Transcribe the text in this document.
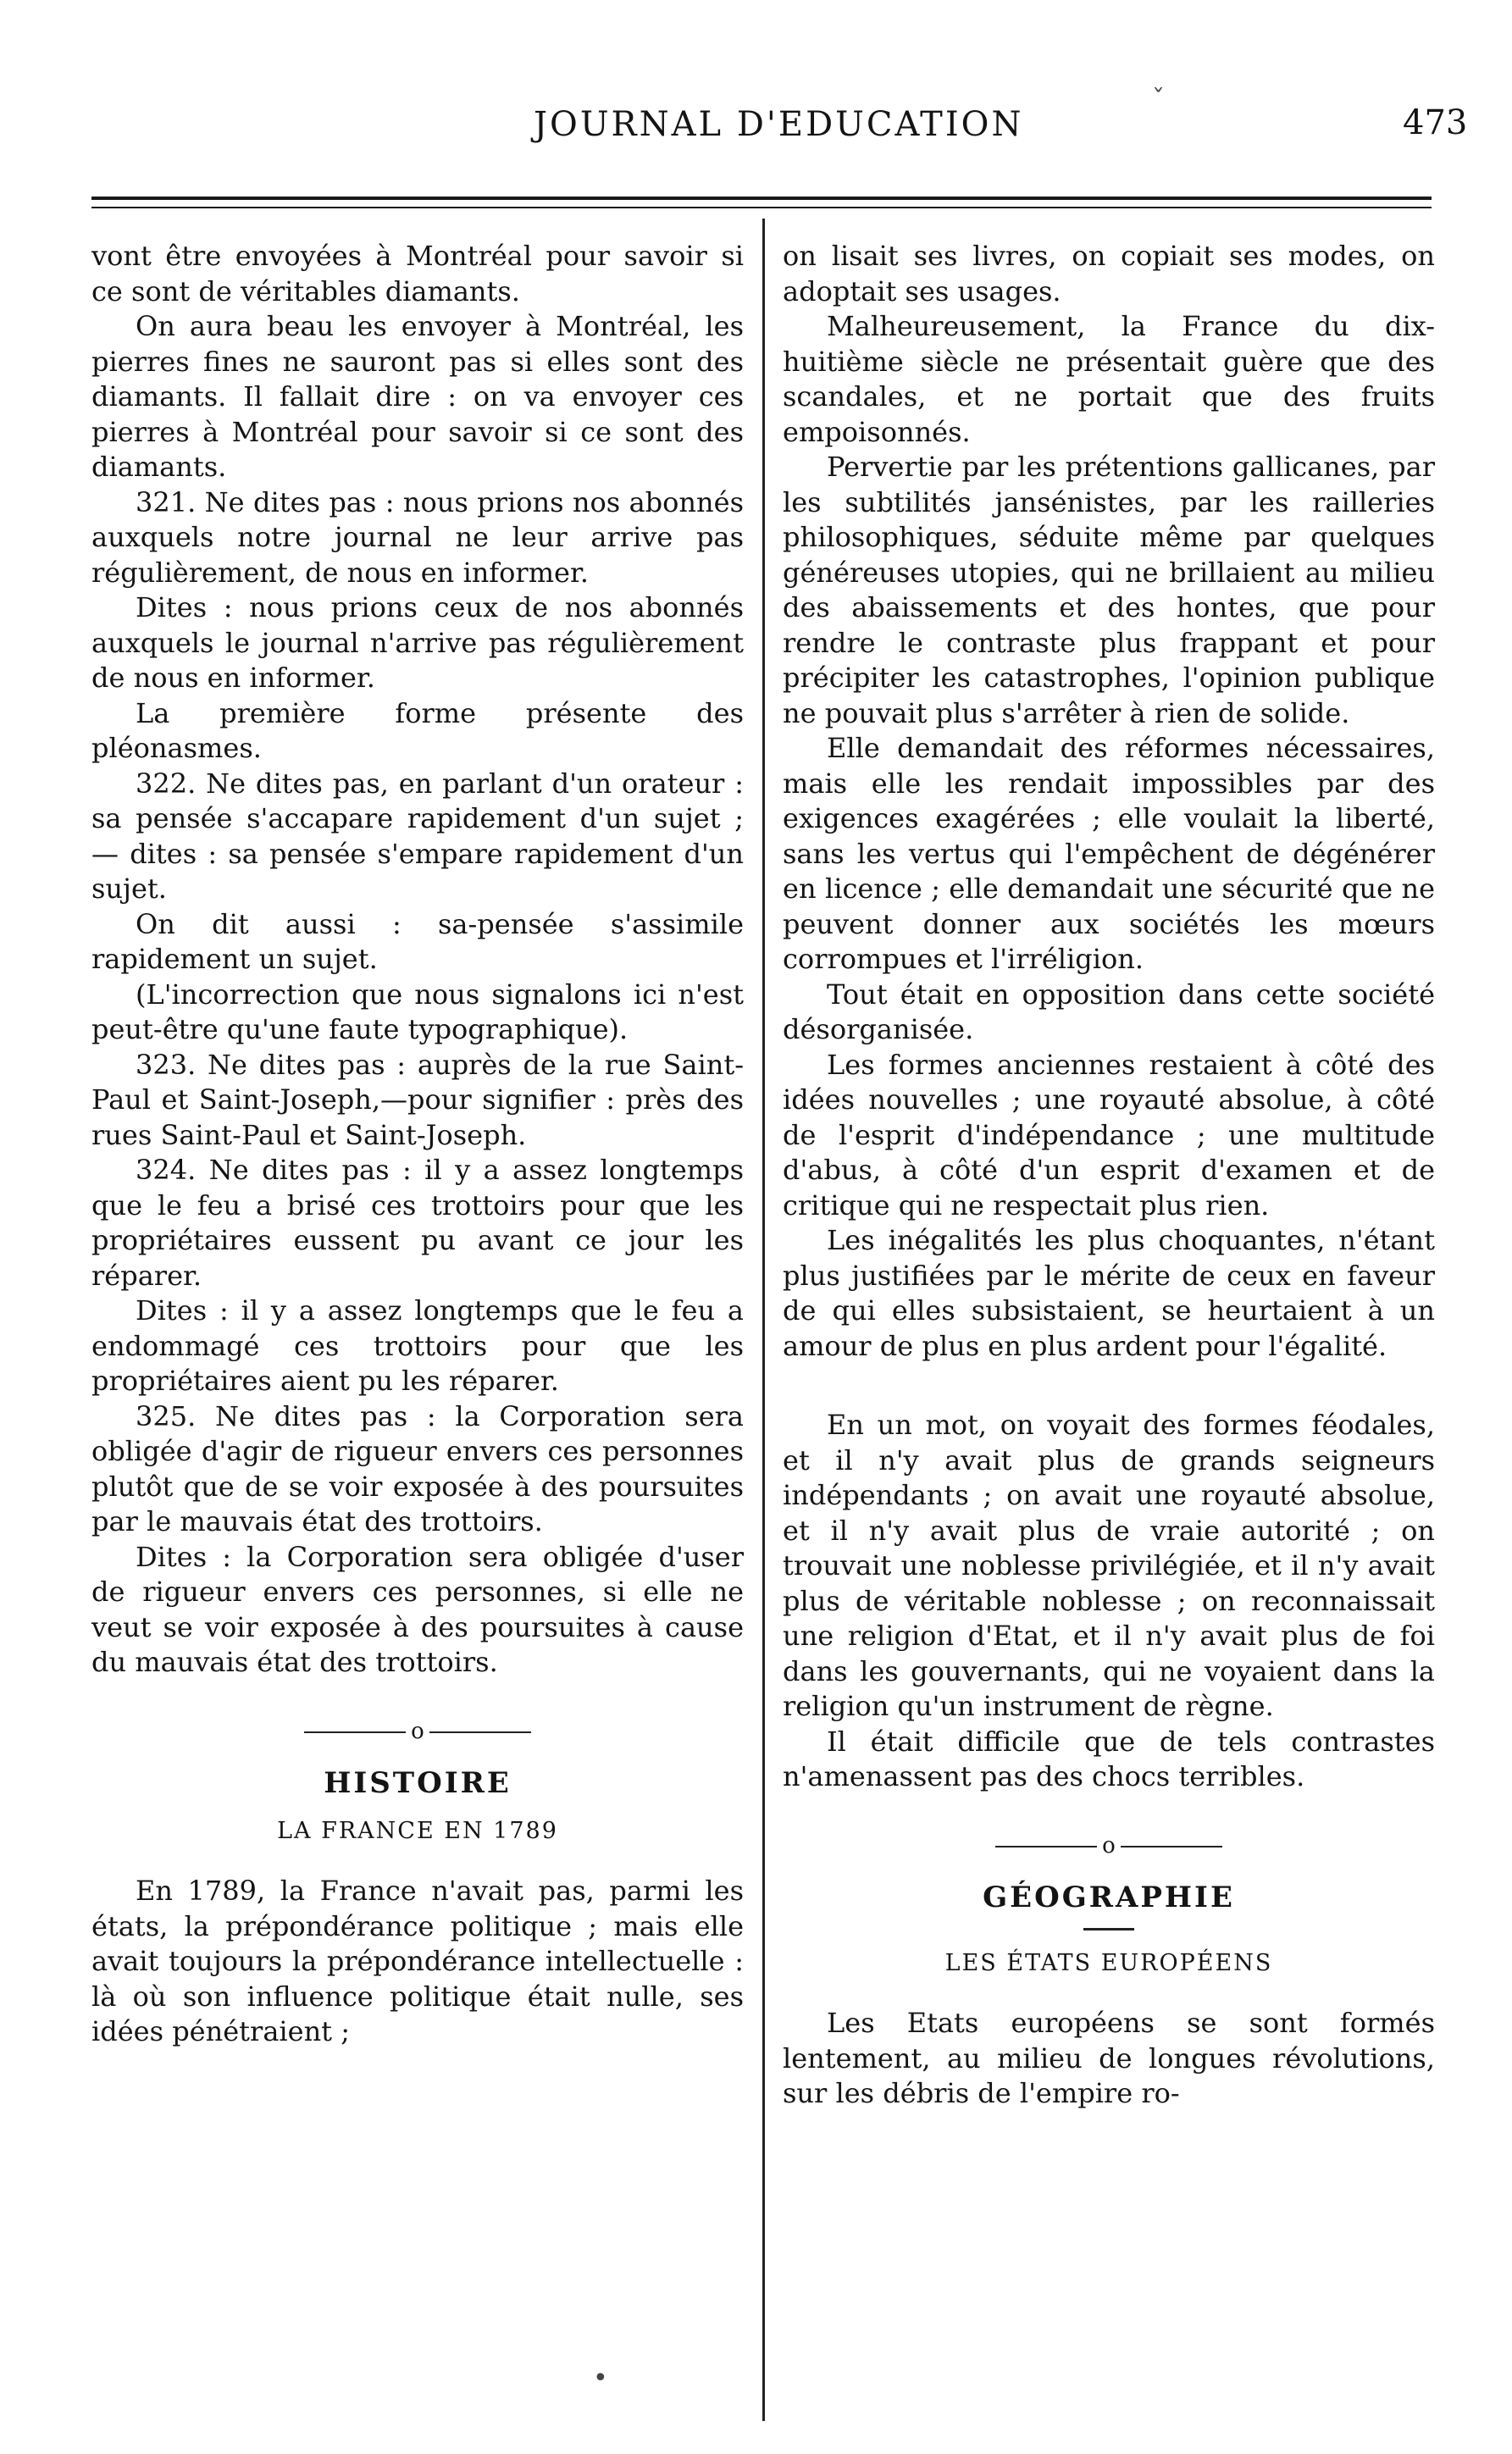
JOURNAL D'EDUCATION	473

vont être envoyées à Montréal pour savoir si ce sont de véritables diamants.

On aura beau les envoyer à Montréal, les pierres fines ne sauront pas si elles sont des diamants. Il fallait dire : on va envoyer ces pierres à Montréal pour savoir si ce sont des diamants.

321. Ne dites pas : nous prions nos abonnés auxquels notre journal ne leur arrive pas régulièrement, de nous en informer.

Dites : nous prions ceux de nos abonnés auxquels le journal n'arrive pas régulièrement de nous en informer.

La première forme présente des pléonasmes.

322. Ne dites pas, en parlant d'un orateur : sa pensée s'accapare rapidement d'un sujet ; — dites : sa pensée s'empare rapidement d'un sujet.

On dit aussi : sa-pensée s'assimile rapidement un sujet.

(L'incorrection que nous signalons ici n'est peut-être qu'une faute typographique).

323. Ne dites pas : auprès de la rue Saint-Paul et Saint-Joseph,—pour signifier : près des rues Saint-Paul et Saint-Joseph.

324. Ne dites pas : il y a assez longtemps que le feu a brisé ces trottoirs pour que les propriétaires eussent pu avant ce jour les réparer.

Dites : il y a assez longtemps que le feu a endommagé ces trottoirs pour que les propriétaires aient pu les réparer.

325. Ne dites pas : la Corporation sera obligée d'agir de rigueur envers ces personnes plutôt que de se voir exposée à des poursuites par le mauvais état des trottoirs.

Dites : la Corporation sera obligée d'user de rigueur envers ces personnes, si elle ne veut se voir exposée à des poursuites à cause du mauvais état des trottoirs.

o
HISTOIRE
LA FRANCE EN 1789

En 1789, la France n'avait pas, parmi les états, la prépondérance politique ; mais elle avait toujours la prépondérance intellectuelle : là où son influence politique était nulle, ses idées pénétraient ;

on lisait ses livres, on copiait ses modes, on adoptait ses usages.

Malheureusement, la France du dix-huitième siècle ne présentait guère que des scandales, et ne portait que des fruits empoisonnés.

Pervertie par les prétentions gallicanes, par les subtilités jansénistes, par les railleries philosophiques, séduite même par quelques généreuses utopies, qui ne brillaient au milieu des abaissements et des hontes, que pour rendre le contraste plus frappant et pour précipiter les catastrophes, l'opinion publique ne pouvait plus s'arrêter à rien de solide.

Elle demandait des réformes nécessaires, mais elle les rendait impossibles par des exigences exagérées ; elle voulait la liberté, sans les vertus qui l'empêchent de dégénérer en licence ; elle demandait une sécurité que ne peuvent donner aux sociétés les mœurs corrompues et l'irréligion.

Tout était en opposition dans cette société désorganisée.

Les formes anciennes restaient à côté des idées nouvelles ; une royauté absolue, à côté de l'esprit d'indépendance ; une multitude d'abus, à côté d'un esprit d'examen et de critique qui ne respectait plus rien.

Les inégalités les plus choquantes, n'étant plus justifiées par le mérite de ceux en faveur de qui elles subsistaient, se heurtaient à un amour de plus en plus ardent pour l'égalité.

En un mot, on voyait des formes féodales, et il n'y avait plus de grands seigneurs indépendants ; on avait une royauté absolue, et il n'y avait plus de vraie autorité ; on trouvait une noblesse privilégiée, et il n'y avait plus de véritable noblesse ; on reconnaissait une religion d'Etat, et il n'y avait plus de foi dans les gouvernants, qui ne voyaient dans la religion qu'un instrument de règne.

Il était difficile que de tels contrastes n'amenassent pas des chocs terribles.

o
GÉOGRAPHIE
LES ÉTATS EUROPÉENS

Les Etats européens se sont formés lentement, au milieu de longues révolutions, sur les débris de l'empire ro-

ˇ
•
